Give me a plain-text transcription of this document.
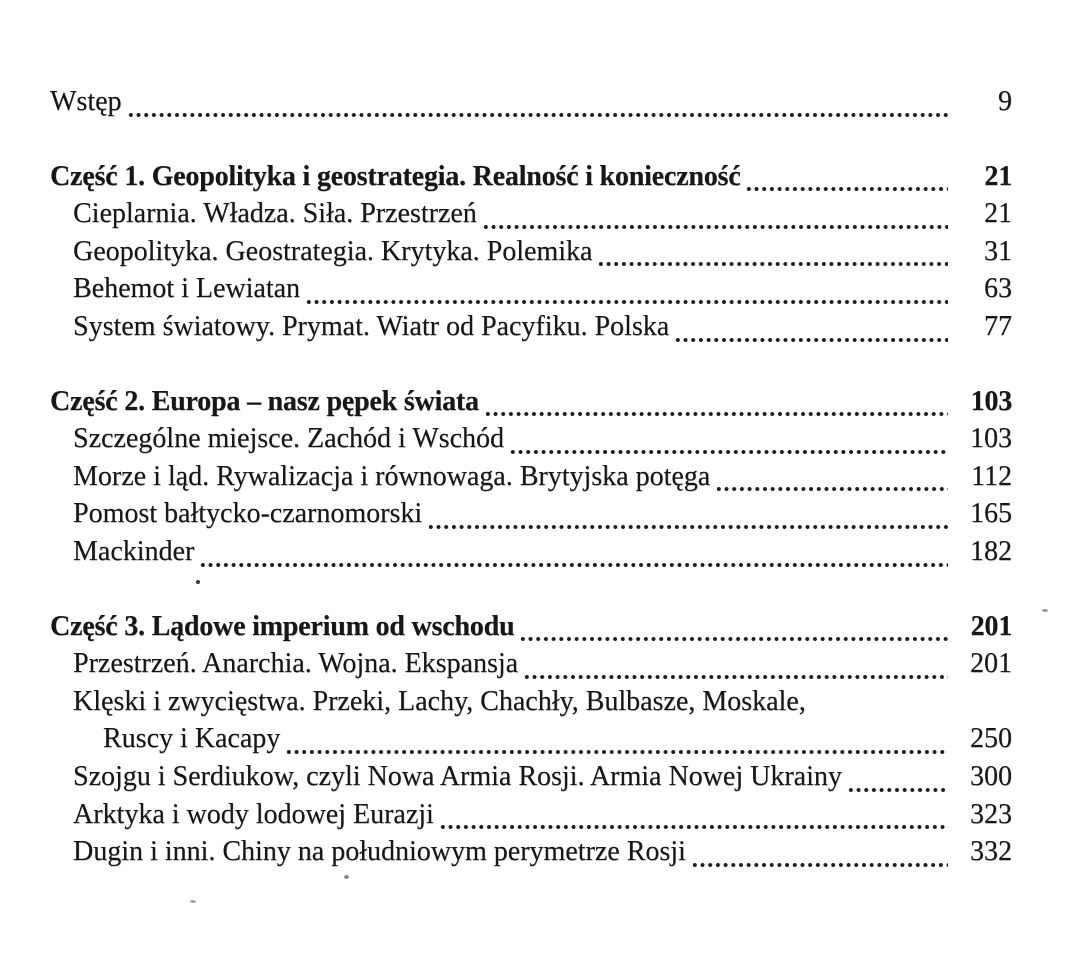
Wstęp	9
Część 1. Geopolityka i geostrategia. Realność i konieczność	21
Cieplarnia. Władza. Siła. Przestrzeń	21
Geopolityka. Geostrategia. Krytyka. Polemika	31
Behemot i Lewiatan	63
System światowy. Prymat. Wiatr od Pacyfiku. Polska	77
Część 2. Europa – nasz pępek świata	103
Szczególne miejsce. Zachód i Wschód	103
Morze i ląd. Rywalizacja i równowaga. Brytyjska potęga	112
Pomost bałtycko-czarnomorski	165
Mackinder	182
Część 3. Lądowe imperium od wschodu	201
Przestrzeń. Anarchia. Wojna. Ekspansja	201
Klęski i zwycięstwa. Przeki, Lachy, Chachły, Bulbasze, Moskale,
Ruscy i Kacapy	250
Szojgu i Serdiukow, czyli Nowa Armia Rosji. Armia Nowej Ukrainy	300
Arktyka i wody lodowej Eurazji	323
Dugin i inni. Chiny na południowym perymetrze Rosji	332
